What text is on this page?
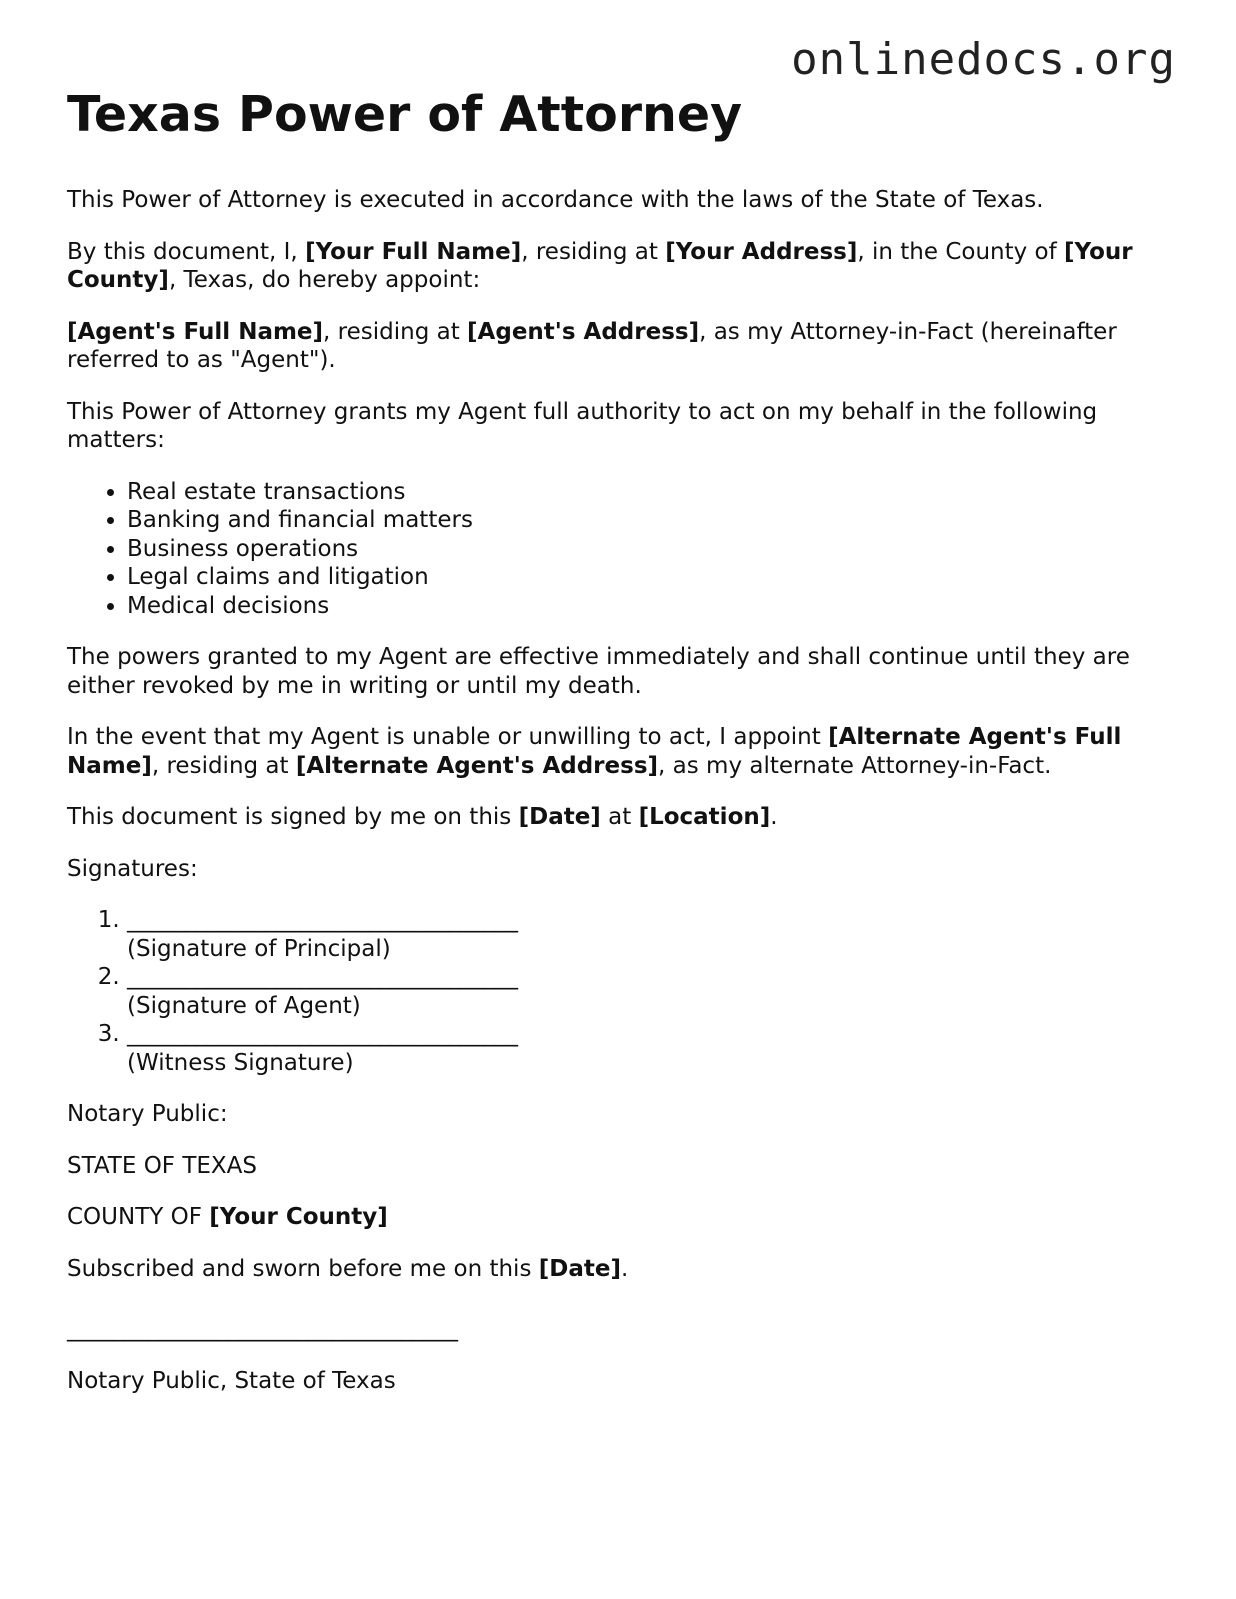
onlinedocs.org
Texas Power of Attorney

This Power of Attorney is executed in accordance with the laws of the State of Texas.

By this document, I, [Your Full Name], residing at [Your Address], in the County of [Your County], Texas, do hereby appoint:

[Agent's Full Name], residing at [Agent's Address], as my Attorney-in-Fact (hereinafter referred to as "Agent").

This Power of Attorney grants my Agent full authority to act on my behalf in the following matters:

• Real estate transactions
• Banking and financial matters
• Business operations
• Legal claims and litigation
• Medical decisions

The powers granted to my Agent are effective immediately and shall continue until they are either revoked by me in writing or until my death.

In the event that my Agent is unable or unwilling to act, I appoint [Alternate Agent's Full Name], residing at [Alternate Agent's Address], as my alternate Attorney-in-Fact.

This document is signed by me on this [Date] at [Location].

Signatures:

1. __________________________________
(Signature of Principal)
2. __________________________________
(Signature of Agent)
3. __________________________________
(Witness Signature)

Notary Public:

STATE OF TEXAS

COUNTY OF [Your County]

Subscribed and sworn before me on this [Date].

__________________________________

Notary Public, State of Texas
